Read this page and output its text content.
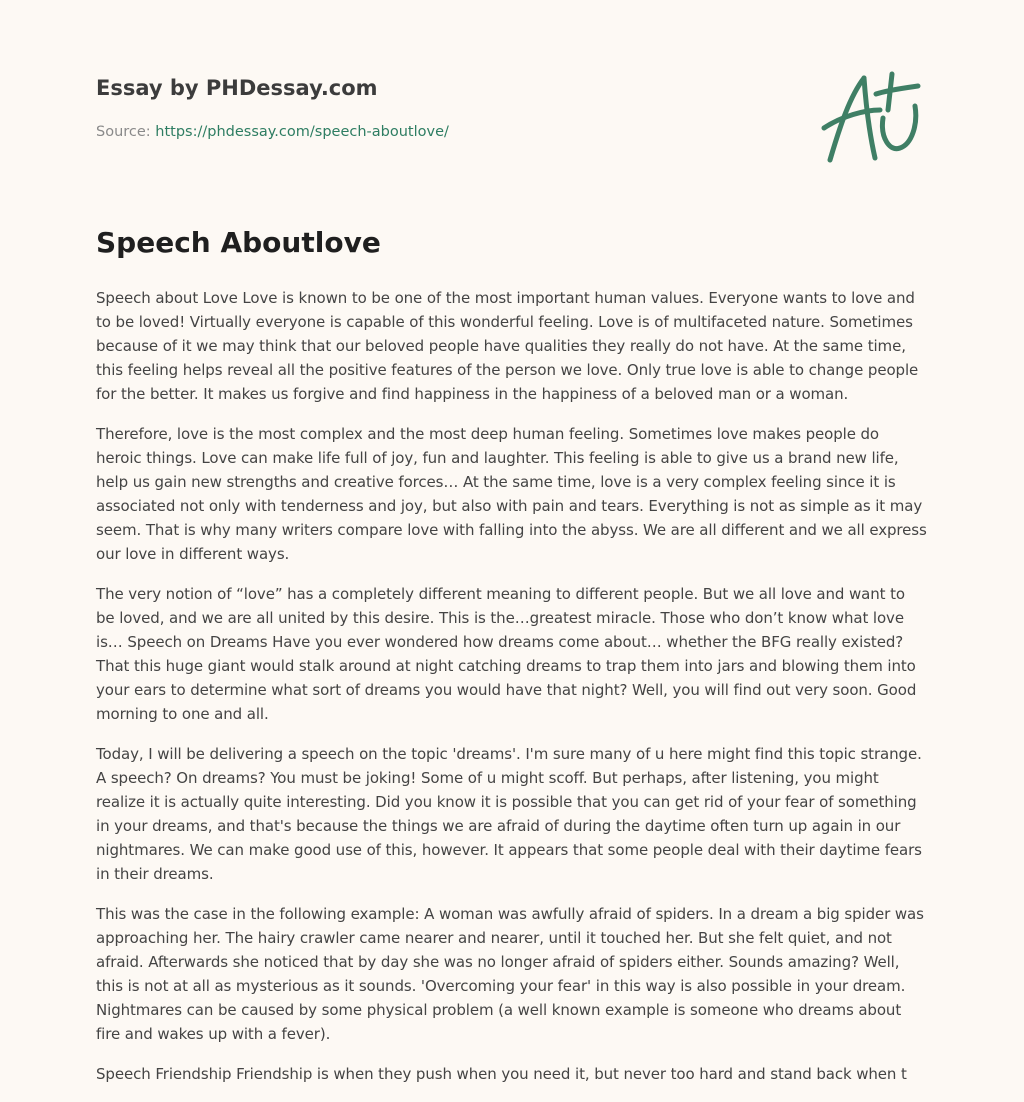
Essay by PHDessay.com

Source: https://phdessay.com/speech-aboutlove/

Speech Aboutlove

Speech about Love Love is known to be one of the most important human values. Everyone wants to love and to be loved! Virtually everyone is capable of this wonderful feeling. Love is of multifaceted nature. Sometimes because of it we may think that our beloved people have qualities they really do not have. At the same time, this feeling helps reveal all the positive features of the person we love. Only true love is able to change people for the better. It makes us forgive and find happiness in the happiness of a beloved man or a woman.

Therefore, love is the most complex and the most deep human feeling. Sometimes love makes people do heroic things. Love can make life full of joy, fun and laughter. This feeling is able to give us a brand new life, help us gain new strengths and creative forces… At the same time, love is a very complex feeling since it is associated not only with tenderness and joy, but also with pain and tears. Everything is not as simple as it may seem. That is why many writers compare love with falling into the abyss. We are all different and we all express our love in different ways.

The very notion of “love” has a completely different meaning to different people. But we all love and want to be loved, and we are all united by this desire. This is the…greatest miracle. Those who don’t know what love is… Speech on Dreams Have you ever wondered how dreams come about… whether the BFG really existed? That this huge giant would stalk around at night catching dreams to trap them into jars and blowing them into your ears to determine what sort of dreams you would have that night? Well, you will find out very soon. Good morning to one and all.

Today, I will be delivering a speech on the topic 'dreams'. I'm sure many of u here might find this topic strange. A speech? On dreams? You must be joking! Some of u might scoff. But perhaps, after listening, you might realize it is actually quite interesting. Did you know it is possible that you can get rid of your fear of something in your dreams, and that's because the things we are afraid of during the daytime often turn up again in our nightmares. We can make good use of this, however. It appears that some people deal with their daytime fears in their dreams.

This was the case in the following example: A woman was awfully afraid of spiders. In a dream a big spider was approaching her. The hairy crawler came nearer and nearer, until it touched her. But she felt quiet, and not afraid. Afterwards she noticed that by day she was no longer afraid of spiders either. Sounds amazing? Well, this is not at all as mysterious as it sounds. 'Overcoming your fear' in this way is also possible in your dream. Nightmares can be caused by some physical problem (a well known example is someone who dreams about fire and wakes up with a fever).

Speech Friendship Friendship is when they push when you need it, but never too hard and stand back when t
